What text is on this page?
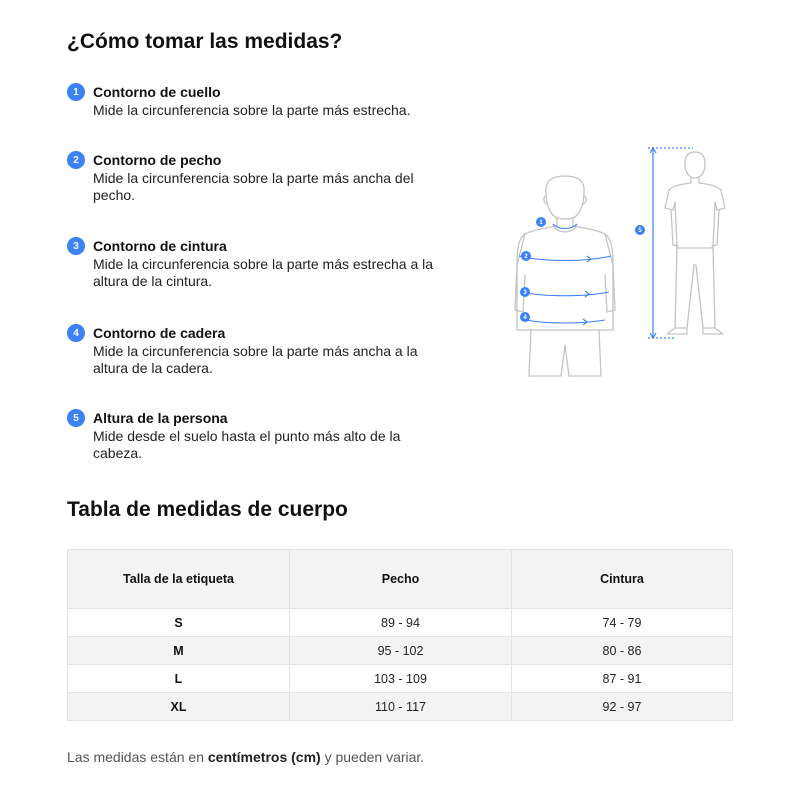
¿Cómo tomar las medidas?
1	Contorno de cuello
Mide la circunferencia sobre la parte más estrecha.
2	Contorno de pecho
Mide la circunferencia sobre la parte más ancha del pecho.
3	Contorno de cintura
Mide la circunferencia sobre la parte más estrecha a la altura de la cintura.
4	Contorno de cadera
Mide la circunferencia sobre la parte más ancha a la altura de la cadera.
5	Altura de la persona
Mide desde el suelo hasta el punto más alto de la cabeza.
1
2
3
4
5
Tabla de medidas de cuerpo
Talla de la etiqueta	Pecho	Cintura
S	89 - 94	74 - 79
M	95 - 102	80 - 86
L	103 - 109	87 - 91
XL	110 - 117	92 - 97
Las medidas están en centímetros (cm) y pueden variar.
